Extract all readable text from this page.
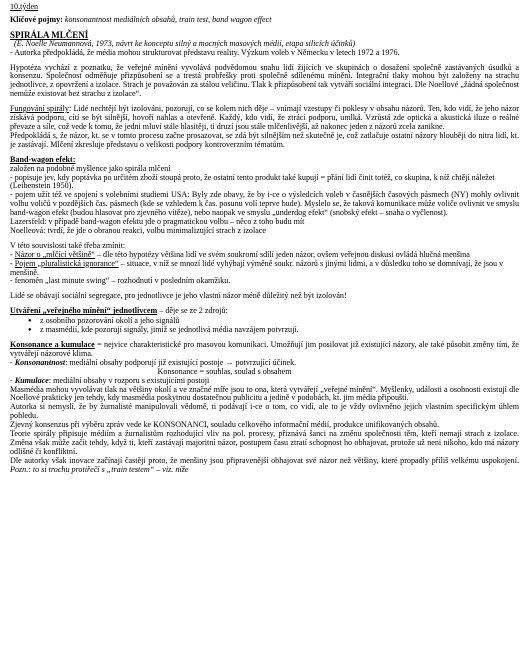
10.týden

Klíčové pojmy: konsonantnost mediálních obsahů, train test, band wagon effect

SPIRÁLA MLČENÍ

(E. Noelle Neumannová, 1973, návrt ke konceptu silný a mocných masových médií, etapa silicích účinků)

- Autorka předpokládá, že média mohou strukturovat představu reality. Výzkum voleb v Německu v letech 1972 a 1976.

Hypotéza vychází z poznatku, že veřejné mínění vyvolává podvědomou snahu lidí žijících ve skupinách o dosažení společně zastávaných úsudků a konsenzu. Společnost odměňuje přizpůsobení se a trestá probřešky proti společně sdílenému mínění. Integrační tlaky mohou být založeny na strachu jednotlivce, z opovržení a izolace. Strach je považován za stálou veličinu. Tlak k přizpůsobení tak vytváří sociální integraci. Dle Noellové „žádná společnost nemůže existovat bez strachu z izolace“.

Fungování spirály: Lidé nechtějí být izolováni, pozorují, co se kolem nich děje – vnímají vzestupy či poklesy v obsahu názorů. Ten, kdo vidí, že jeho názor získává podporu, cítí se být silnější, hovoří nahlas a otevřeně. Každý, kdo vidí, že ztrácí podporu, umlká. Vzrůstá zde optická a akustická iluze o reálné převaze a síle, což vede k tomu, že jedni mluví stále hlasitěji, ti druzí jsou stále mlčenlivější, až nakonec jeden z názorů zcela zanikne.

Předpokládá s, že názor, kt. se v tomto procesu začne prosazovat, se zdá být silnějším než skutečně je, což zatlačuje ostatní názory hlouběji do nitra lidí, kt. je zastávají. Mlčení zkresluje představu o velikosti podpory kontroverzním tématům.

Band-wagon efekt:

založen na podobné myšlence jako spirála mlčení

- popisuje jev, kdy poptávka po určitém zboží stoupá proto, že ostatní tento produkt také kupují = přání lidí činit totéž, co skupina, k níž chtějí náležet (Leibenstein 1950).

- pojem užít též ve spojení s volebními studiemi USA: Byly zde obavy, že by i-ce o výsledcích voleb v časnějších časových pásmech (NY) mohly ovlivnit volbu voličů v pozdějších čas. pásmech (kde se vzhledem k čas. posunu volí teprve bude). Myslelo se, že taková komunikace může voliče ovlivnit ve smyslu band-wagon efekt (budou hlasovat pro zjevného vítěze), nebo naopak ve smyslu „underdog efekt“ (snobský efekt – snaha o vyčlenost).

Lazersfeld: v případě band-wagon efektu jde o pragmatickou volbu – něco z toho budu mít

Noelleová: tvrdí, že jde o obranou reakci, volbu minimalizující strach z izolace

V této souvislosti také třeba zmínit:

- Názor o „mlčící většině“ – dle této hypotézy většina lidí ve svém soukromí sdílí jeden názor, ovšem veřejnou diskusi ovládá hlučná menšina

- Pojem „pluralistická ignorance“ – situace, v níž se mnozí lidé vyhýbají výměně soukr. názorů s jinými lidmi, a v důsledku toho se domnívají, že jsou v menšině.

- fenomén „last minute swing“ – rozhodnutí v posledním okamžiku.

Lidé se obávají sociální segregace, pro jednotlivce je jeho vlastní názor méně důležitý než být izolován!

Utváření „veřejného mínění“ jednotlivcem – děje se ze 2 zdrojů:

● z osobního pozorování okolí a jeho signálů
● z masmédií, kde pozorují signály, jimiž se jednotlivá média navzájem potvrzují.

Konsonance a kumulace = nejvice charakteristické pro masovou komunikaci. Umožňují jim posilovat již existující názory, ale také působit změny tím, že vytvářejí názorové klima.

- Konsonantnost: mediální obsahy podporují již existující postoje → potvrzující účinek.

Konsonance = souhlas, soulad s obsahem

- Kumulace: mediální obsahy v rozporu s existujícími postoji

Masmédia mohou vyvolávat tlak na většiny okolí a ve značné míře jsou to ona, která vytvářejí „veřejné mínění“. Myšlenky, události a osobnosti existují dle Noellové prakticky jen tehdy, kdy masmédia poskytnou dostatečnou publicitu a jedině v podobách, kt. jim média připouští.

Autorka si nemyslí, že by žurnalisté manipulovali vědomě, ti podávají i-ce o tom, co vidí, ale to je vždy ovlivněno jejich vlastním specifickým úhlem pohledu.

Zjevný konsenzus při výběru zpráv vede ke KONSONANCI, souladu celkového informační médií, produkce unifikovaných obsahů.

Teorie spirály připisuje médiím a žurnalistům rozhodující vliv na pol. procesy, přiznává šanci na změnu společnosti těm, kteří nemají strach z izolace. Změna však může začít tehdy, když ti, kteří zastávají majoritní názor, postupem času ztratí schopnost ho obhajovat, protože už neni nikoho, kdo má názory odlišné či konfliktní.

Dle autorky však inovace začínají častěji proto, že menšiny jsou připravenější obhajovat své názor než většiny, které propadly příliš velkému uspokojení. Pozn.: to si trochu protiřečí s „train testem“ – viz. níže
